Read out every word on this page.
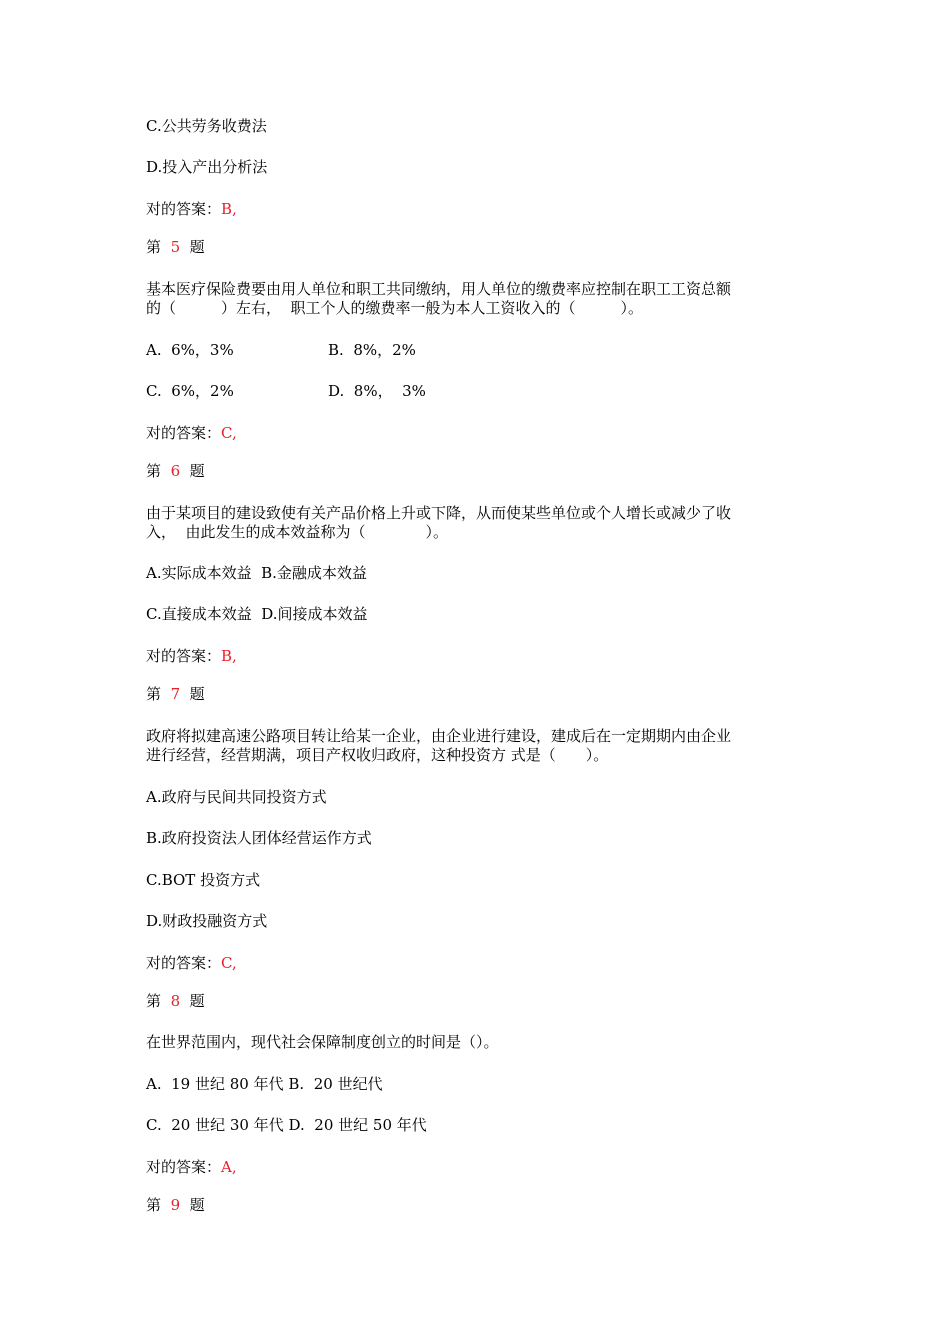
C.公共劳务收费法
D.投入产出分析法
对的答案：B,
第 5 题
基本医疗保险费要由用人单位和职工共同缴纳，用人单位的缴费率应控制在职工工资总额
的（　　　）左右，  职工个人的缴费率一般为本人工资收入的（　　　）。
A.  6%，3%	B.  8%，2%
C.  6%，2%	D.  8%，  3%
对的答案：C,
第 6 题
由于某项目的建设致使有关产品价格上升或下降，从而使某些单位或个人增长或减少了收
入，  由此发生的成本效益称为（　　　　）。
A.实际成本效益  B.金融成本效益
C.直接成本效益  D.间接成本效益
对的答案：B,
第 7 题
政府将拟建高速公路项目转让给某一企业，由企业进行建设，建成后在一定期期内由企业
进行经营，经营期满，项目产权收归政府，这种投资方 式是（　　）。
A.政府与民间共同投资方式
B.政府投资法人团体经营运作方式
C.BOT 投资方式
D.财政投融资方式
对的答案：C,
第 8 题
在世界范围内，现代社会保障制度创立的时间是（）。
A.  19 世纪 80 年代 B.  20 世纪代
C.  20 世纪 30 年代 D.  20 世纪 50 年代
对的答案：A,
第 9 题
